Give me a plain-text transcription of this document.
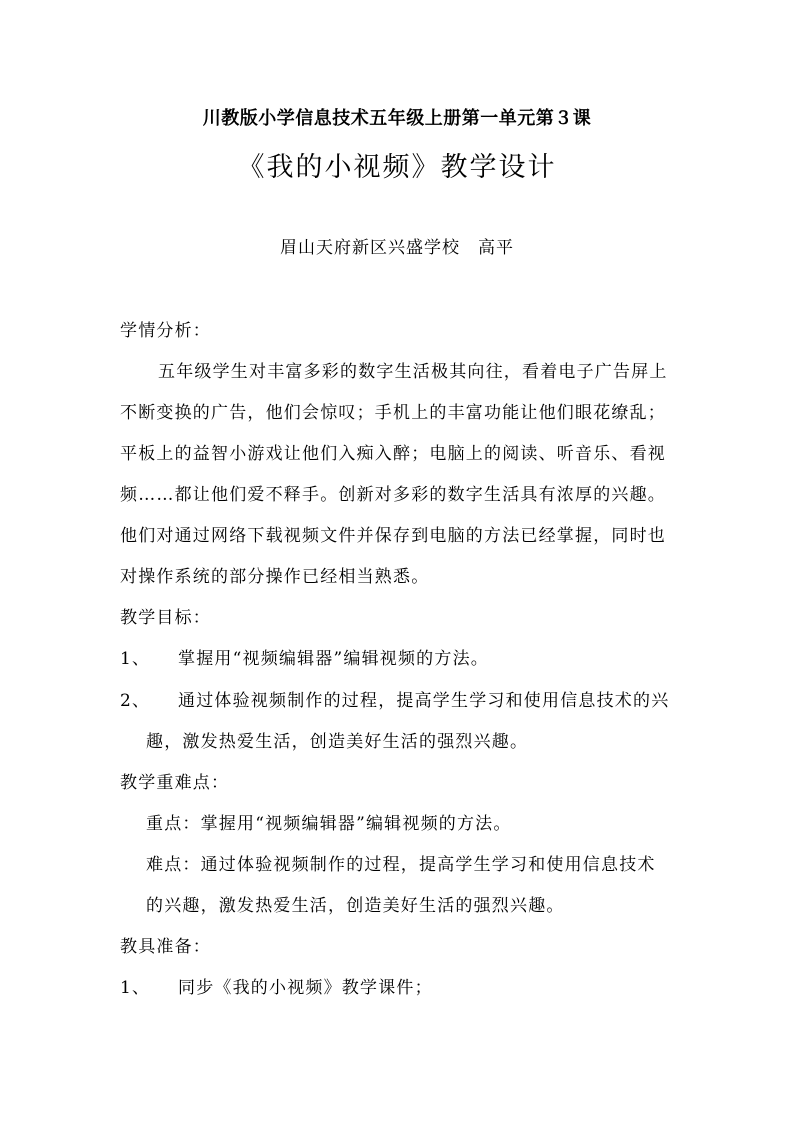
川教版小学信息技术五年级上册第一单元第３课
《我的小视频》教学设计
眉山天府新区兴盛学校　高平
学情分析：
五年级学生对丰富多彩的数字生活极其向往，看着电子广告屏上
不断变换的广告，他们会惊叹；手机上的丰富功能让他们眼花缭乱；
平板上的益智小游戏让他们入痴入醉；电脑上的阅读、听音乐、看视
频……都让他们爱不释手。创新对多彩的数字生活具有浓厚的兴趣。
他们对通过网络下载视频文件并保存到电脑的方法已经掌握，同时也
对操作系统的部分操作已经相当熟悉。
教学目标：
1、 掌握用“视频编辑器”编辑视频的方法。
2、 通过体验视频制作的过程，提高学生学习和使用信息技术的兴
趣，激发热爱生活，创造美好生活的强烈兴趣。
教学重难点：
重点：掌握用“视频编辑器”编辑视频的方法。
难点：通过体验视频制作的过程，提高学生学习和使用信息技术
的兴趣，激发热爱生活，创造美好生活的强烈兴趣。
教具准备：
1、 同步《我的小视频》教学课件；
